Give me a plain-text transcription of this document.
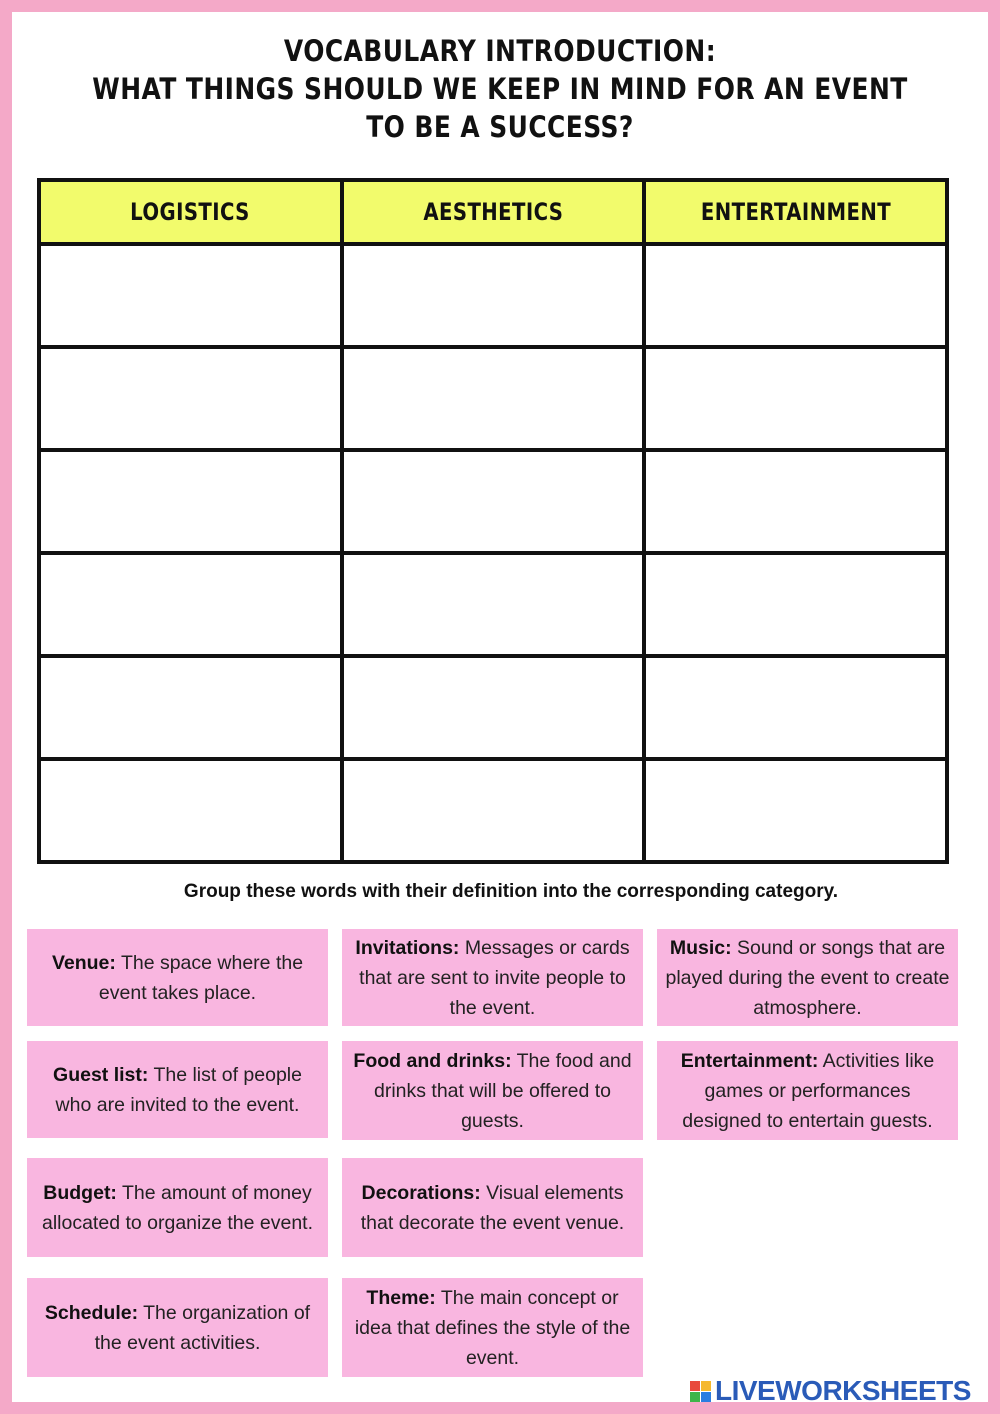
VOCABULARY INTRODUCTION:
WHAT THINGS SHOULD WE KEEP IN MIND FOR AN EVENT
TO BE A SUCCESS?
LOGISTICS	AESTHETICS	ENTERTAINMENT

Group these words with their definition into the corresponding category.
Venue: The space where the event takes place.
Guest list: The list of people who are invited to the event.
Budget: The amount of money allocated to organize the event.
Schedule: The organization of the event activities.
Invitations: Messages or cards that are sent to invite people to the event.
Food and drinks: The food and drinks that will be offered to guests.
Decorations: Visual elements that decorate the event venue.
Theme: The main concept or idea that defines the style of the event.
Music: Sound or songs that are played during the event to create atmosphere.
Entertainment: Activities like games or performances designed to entertain guests.
LIVEWORKSHEETS
